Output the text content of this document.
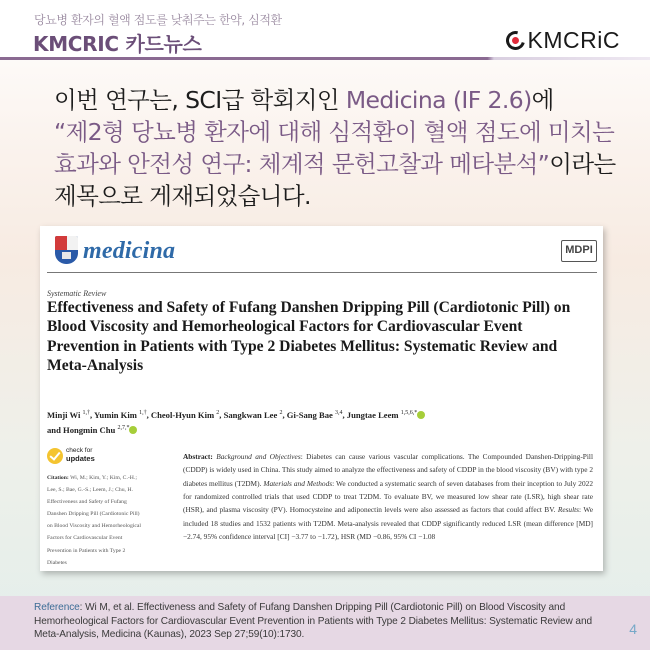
당뇨병 환자의 혈액 점도를 낮춰주는 한약, 심적환
KMCRIC 카드뉴스	KMCRiC
이번 연구는, SCI급 학회지인 Medicina (IF 2.6)에
“제2형 당뇨병 환자에 대해 심적환이 혈액 점도에 미치는
효과와 안전성 연구: 체계적 문헌고찰과 메타분석”이라는
제목으로 게재되었습니다.
medicina	MDPI
Systematic Review
Effectiveness and Safety of Fufang Danshen Dripping Pill (Cardiotonic Pill) on Blood Viscosity and Hemorheological Factors for Cardiovascular Event Prevention in Patients with Type 2 Diabetes Mellitus: Systematic Review and Meta-Analysis
Minji Wi $^{1,\dagger}$, Yumin Kim $^{1,\dagger}$, Cheol-Hyun Kim $^2$, Sangkwan Lee $^2$, Gi-Sang Bae $^{3,4}$, Jungtae Leem $^{1,5,6,*}$
and Hongmin Chu $^{2,7,*}$
check for
updates
Citation: Wi, M.; Kim, Y.; Kim, C.-H.; Lee, S.; Bae, G.-S.; Leem, J.; Chu, H. Effectiveness and Safety of Fufang Danshen Dripping Pill (Cardiotonic Pill) on Blood Viscosity and Hemorheological Factors for Cardiovascular Event Prevention in Patients with Type 2 Diabetes
Abstract: Background and Objectives: Diabetes can cause various vascular complications. The Compounded Danshen-Dripping-Pill (CDDP) is widely used in China. This study aimed to analyze the effectiveness and safety of CDDP in the blood viscosity (BV) with type 2 diabetes mellitus (T2DM). Materials and Methods: We conducted a systematic search of seven databases from their inception to July 2022 for randomized controlled trials that used CDDP to treat T2DM. To evaluate BV, we measured low shear rate (LSR), high shear rate (HSR), and plasma viscosity (PV). Homocysteine and adiponectin levels were also assessed as factors that could affect BV. Results: We included 18 studies and 1532 patients with T2DM. Meta-analysis revealed that CDDP significantly reduced LSR (mean difference [MD] −2.74, 95% confidence interval [CI] −3.77 to −1.72), HSR (MD −0.86, 95% CI −1.08
Reference: Wi M, et al. Effectiveness and Safety of Fufang Danshen Dripping Pill (Cardiotonic Pill) on Blood Viscosity and Hemorheological Factors for Cardiovascular Event Prevention in Patients with Type 2 Diabetes Mellitus: Systematic Review and Meta-Analysis, Medicina (Kaunas), 2023 Sep 27;59(10):1730.	4
